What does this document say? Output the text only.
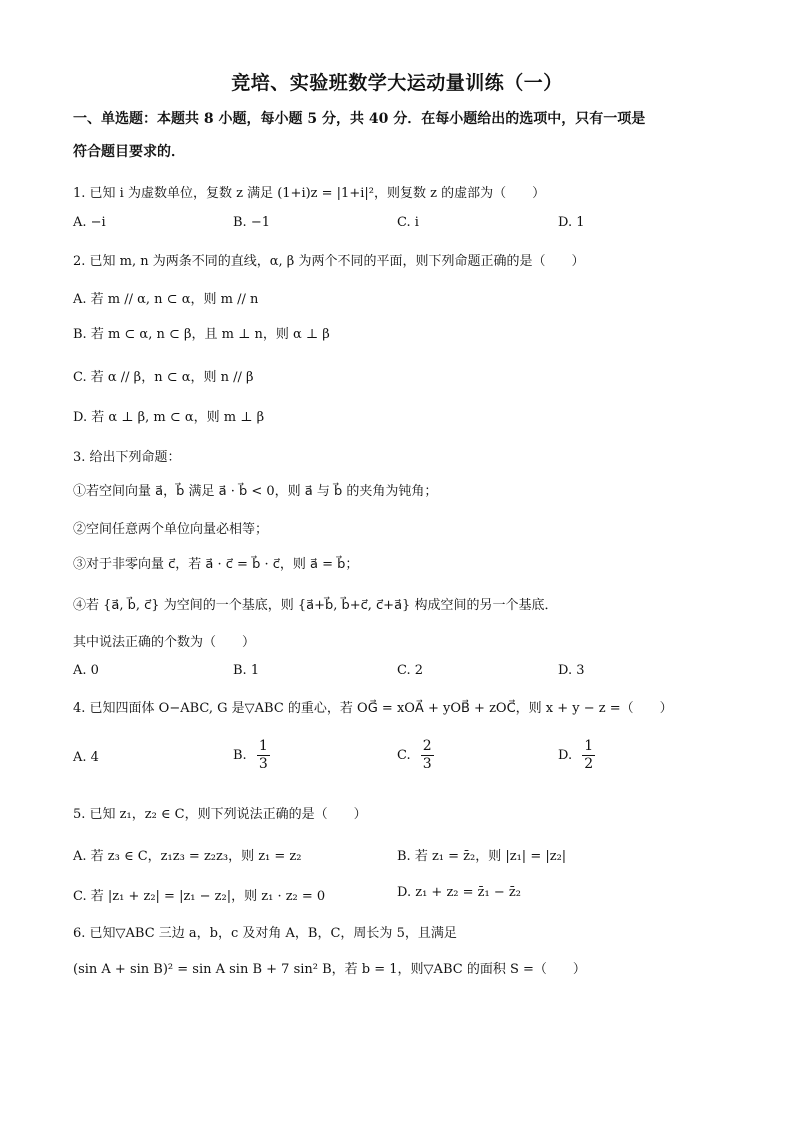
竞培、实验班数学大运动量训练（一）
一、单选题：本题共 8 小题，每小题 5 分，共 40 分．在每小题给出的选项中，只有一项是
符合题目要求的．
1. 已知 i 为虚数单位，复数 z 满足 (1+i)z = |1+i|²，则复数 z 的虚部为（　　）
A. −i	B. −1	C. i	D. 1
2. 已知 m, n 为两条不同的直线，α, β 为两个不同的平面，则下列命题正确的是（　　）
A. 若 m // α, n ⊂ α，则 m // n
B. 若 m ⊂ α, n ⊂ β，且 m ⊥ n，则 α ⊥ β
C. 若 α // β，n ⊂ α，则 n // β
D. 若 α ⊥ β, m ⊂ α，则 m ⊥ β
3. 给出下列命题：
①若空间向量 a⃗，b⃗ 满足 a⃗ · b⃗ < 0，则 a⃗ 与 b⃗ 的夹角为钝角；
②空间任意两个单位向量必相等；
③对于非零向量 c⃗，若 a⃗ · c⃗ = b⃗ · c⃗，则 a⃗ = b⃗；
④若 {a⃗, b⃗, c⃗} 为空间的一个基底，则 {a⃗+b⃗, b⃗+c⃗, c⃗+a⃗} 构成空间的另一个基底．
其中说法正确的个数为（　　）
A. 0	B. 1	C. 2	D. 3
4. 已知四面体 O−ABC, G 是▽ABC 的重心，若 OG⃗ = xOA⃗ + yOB⃗ + zOC⃗，则 x + y − z =（　　）
A. 4	B. $\frac{1}{3}$	C. $\frac{2}{3}$	D. $\frac{1}{2}$
5. 已知 z₁，z₂ ∈ C，则下列说法正确的是（　　）
A. 若 z₃ ∈ C，z₁z₃ = z₂z₃，则 z₁ = z₂	B. 若 z₁ = z̄₂，则 |z₁| = |z₂|
C. 若 |z₁ + z₂| = |z₁ − z₂|，则 z₁ · z₂ = 0	D. z₁ + z₂ = z̄₁ − z̄₂
6. 已知▽ABC 三边 a，b，c 及对角 A，B，C，周长为 5，且满足
(sin A + sin B)² = sin A sin B + 7 sin² B，若 b = 1，则▽ABC 的面积 S =（　　）
